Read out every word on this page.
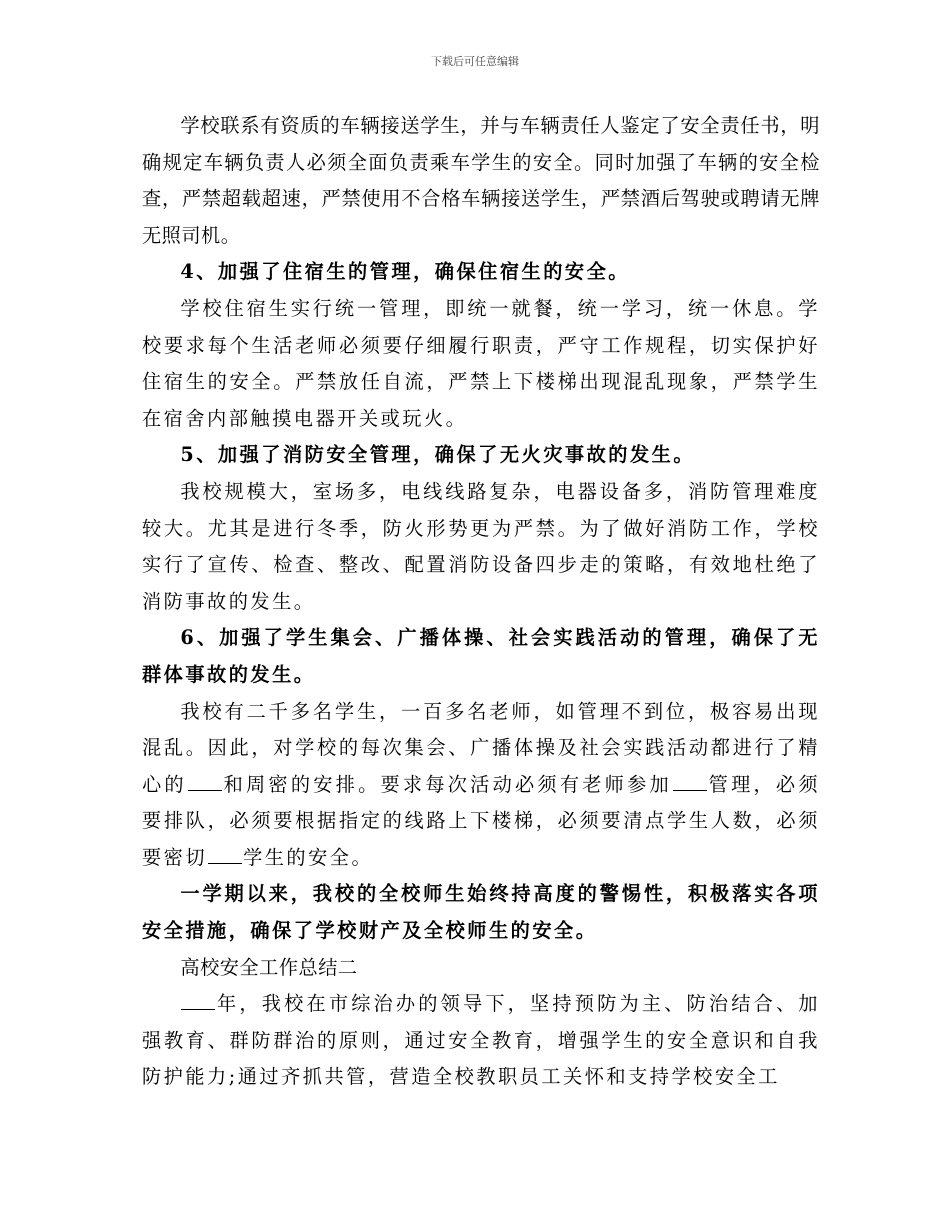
下载后可任意编辑

学校联系有资质的车辆接送学生，并与车辆责任人鉴定了安全责任书，明确规定车辆负责人必须全面负责乘车学生的安全。同时加强了车辆的安全检查，严禁超载超速，严禁使用不合格车辆接送学生，严禁酒后驾驶或聘请无牌无照司机。

4、加强了住宿生的管理，确保住宿生的安全。

学校住宿生实行统一管理，即统一就餐，统一学习，统一休息。学校要求每个生活老师必须要仔细履行职责，严守工作规程，切实保护好住宿生的安全。严禁放任自流，严禁上下楼梯出现混乱现象，严禁学生在宿舍内部触摸电器开关或玩火。

5、加强了消防安全管理，确保了无火灾事故的发生。

我校规模大，室场多，电线线路复杂，电器设备多，消防管理难度较大。尤其是进行冬季，防火形势更为严禁。为了做好消防工作，学校实行了宣传、检查、整改、配置消防设备四步走的策略，有效地杜绝了消防事故的发生。

6、加强了学生集会、广播体操、社会实践活动的管理，确保了无群体事故的发生。

我校有二千多名学生，一百多名老师，如管理不到位，极容易出现混乱。因此，对学校的每次集会、广播体操及社会实践活动都进行了精心的 和周密的安排。要求每次活动必须有老师参加 管理，必须要排队，必须要根据指定的线路上下楼梯，必须要清点学生人数，必须要密切 学生的安全。

一学期以来，我校的全校师生始终持高度的警惕性，积极落实各项安全措施，确保了学校财产及全校师生的安全。

高校安全工作总结二

年，我校在市综治办的领导下，坚持预防为主、防治结合、加强教育、群防群治的原则，通过安全教育，增强学生的安全意识和自我防护能力;通过齐抓共管，营造全校教职员工关怀和支持学校安全工
